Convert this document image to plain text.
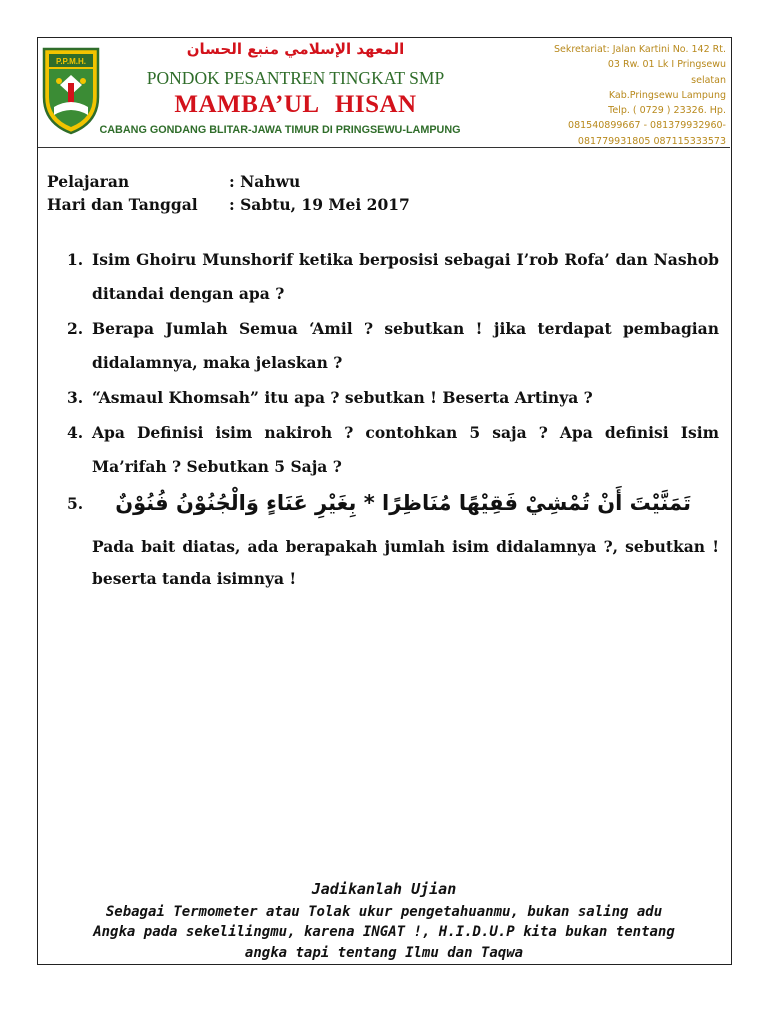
P.P.M.H.
المعهد الإسلامي منبع الحسان
PONDOK PESANTREN TINGKAT SMP
MAMBA’UL HISAN
CABANG GONDANG BLITAR-JAWA TIMUR DI PRINGSEWU-LAMPUNG
Sekretariat: Jalan Kartini No. 142 Rt.
03 Rw. 01 Lk I Pringsewu
selatan
Kab.Pringsewu Lampung
Telp. ( 0729 ) 23326. Hp.
081540899667 - 081379932960-
081779931805 087115333573
Pelajaran	: Nahwu
Hari dan Tanggal : Sabtu, 19 Mei 2017
1. Isim Ghoiru Munshorif ketika berposisi sebagai I’rob Rofa’ dan Nashob ditandai dengan apa ?
2. Berapa Jumlah Semua ‘Amil ? sebutkan ! jika terdapat pembagian didalamnya, maka jelaskan ?
3. “Asmaul Khomsah” itu apa ? sebutkan ! Beserta Artinya ?
4. Apa Definisi isim nakiroh ? contohkan 5 saja ? Apa definisi Isim Ma’rifah ? Sebutkan 5 Saja ?
5.	تَمَنَّيْتَ أَنْ تُمْشِيْ فَقِيْهًا مُنَاظِرًا * بِغَيْرِ عَنَاءٍ وَالْجُنُوْنُ فُنُوْنٌ
Pada bait diatas, ada berapakah jumlah isim didalamnya ?, sebutkan ! beserta tanda isimnya !
Jadikanlah Ujian
Sebagai Termometer atau Tolak ukur pengetahuanmu, bukan saling adu
Angka pada sekelilingmu, karena INGAT !, H.I.D.U.P kita bukan tentang
angka tapi tentang Ilmu dan Taqwa
